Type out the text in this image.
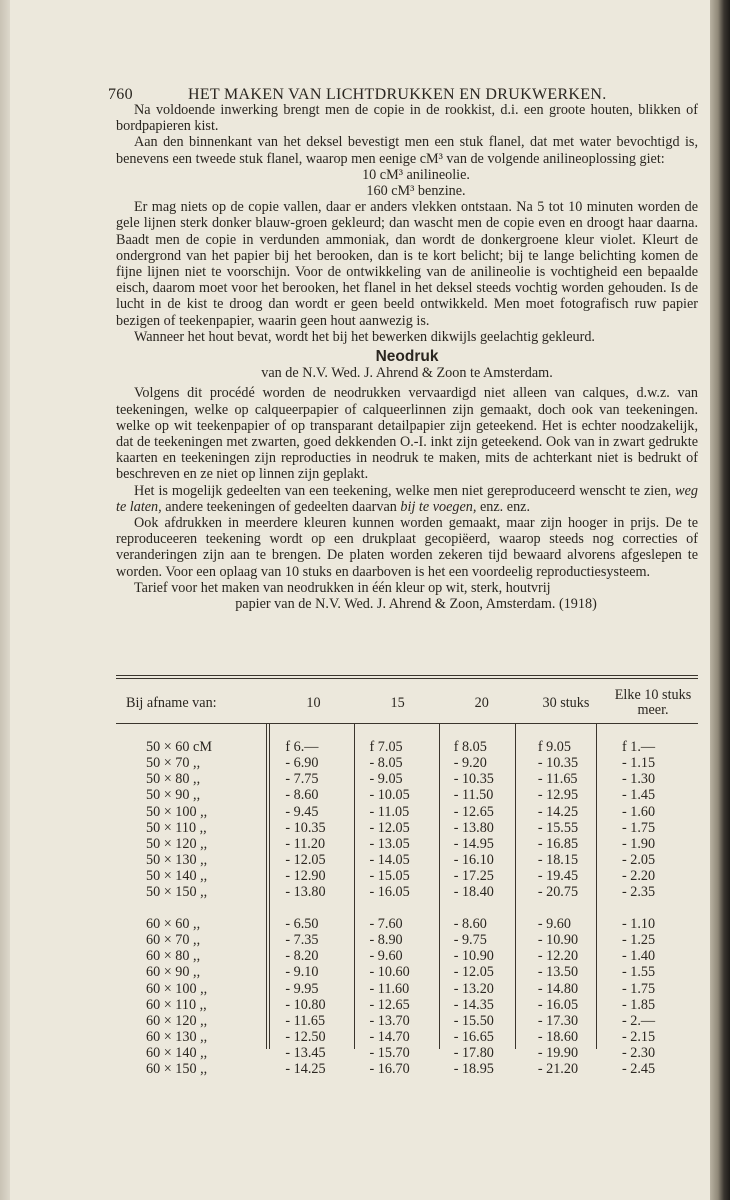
760	HET MAKEN VAN LICHTDRUKKEN EN DRUKWERKEN.

Na voldoende inwerking brengt men de copie in de rookkist, d.i. een groote houten, blikken of bordpapieren kist.

Aan den binnenkant van het deksel bevestigt men een stuk flanel, dat met water bevochtigd is, benevens een tweede stuk flanel, waarop men eenige cM³ van de volgende anilineoplossing giet:

10 cM³ anilineolie.

160 cM³ benzine.

Er mag niets op de copie vallen, daar er anders vlekken ontstaan. Na 5 tot 10 minuten worden de gele lijnen sterk donker blauw-groen gekleurd; dan wascht men de copie even en droogt haar daarna. Baadt men de copie in verdunden ammoniak, dan wordt de donkergroene kleur violet. Kleurt de ondergrond van het papier bij het berooken, dan is te kort belicht; bij te lange belichting komen de fijne lijnen niet te voorschijn. Voor de ontwikkeling van de anilineolie is vochtigheid een bepaalde eisch, daarom moet voor het berooken, het flanel in het deksel steeds vochtig worden gehouden. Is de lucht in de kist te droog dan wordt er geen beeld ontwikkeld. Men moet fotografisch ruw papier bezigen of teekenpapier, waarin geen hout aanwezig is.

Wanneer het hout bevat, wordt het bij het bewerken dikwijls geelachtig gekleurd.

Neodruk
van de N.V. Wed. J. Ahrend & Zoon te Amsterdam.

Volgens dit procédé worden de neodrukken vervaardigd niet alleen van calques, d.w.z. van teekeningen, welke op calqueerpapier of calqueerlinnen zijn gemaakt, doch ook van teekeningen. welke op wit teekenpapier of op transparant detailpapier zijn geteekend. Het is echter noodzakelijk, dat de teekeningen met zwarten, goed dekkenden O.-I. inkt zijn geteekend. Ook van in zwart gedrukte kaarten en teekeningen zijn reproducties in neodruk te maken, mits de achterkant niet is bedrukt of beschreven en ze niet op linnen zijn geplakt.

Het is mogelijk gedeelten van een teekening, welke men niet gereproduceerd wenscht te zien, weg te laten, andere teekeningen of gedeelten daarvan bij te voegen, enz. enz.

Ook afdrukken in meerdere kleuren kunnen worden gemaakt, maar zijn hooger in prijs. De te reproduceeren teekening wordt op een drukplaat gecopiëerd, waarop steeds nog correcties of veranderingen zijn aan te brengen. De platen worden zekeren tijd bewaard alvorens afgeslepen te worden. Voor een oplaag van 10 stuks en daarboven is het een voordeelig reproductiesysteem.

Tarief voor het maken van neodrukken in één kleur op wit, sterk, houtvrij

papier van de N.V. Wed. J. Ahrend & Zoon, Amsterdam. (1918)

Bij afname van:	10	15	20	30 stuks	Elke 10 stuks meer.

50 × 60 cM	f 6.—	f 7.05	f 8.05	f 9.05	f 1.—
50 × 70 ,,	- 6.90	- 8.05	- 9.20	- 10.35	- 1.15
50 × 80 ,,	- 7.75	- 9.05	- 10.35	- 11.65	- 1.30
50 × 90 ,,	- 8.60	- 10.05	- 11.50	- 12.95	- 1.45
50 × 100 ,,	- 9.45	- 11.05	- 12.65	- 14.25	- 1.60
50 × 110 ,,	- 10.35	- 12.05	- 13.80	- 15.55	- 1.75
50 × 120 ,,	- 11.20	- 13.05	- 14.95	- 16.85	- 1.90
50 × 130 ,,	- 12.05	- 14.05	- 16.10	- 18.15	- 2.05
50 × 140 ,,	- 12.90	- 15.05	- 17.25	- 19.45	- 2.20
50 × 150 ,,	- 13.80	- 16.05	- 18.40	- 20.75	- 2.35

60 × 60 ,,	- 6.50	- 7.60	- 8.60	- 9.60	- 1.10
60 × 70 ,,	- 7.35	- 8.90	- 9.75	- 10.90	- 1.25
60 × 80 ,,	- 8.20	- 9.60	- 10.90	- 12.20	- 1.40
60 × 90 ,,	- 9.10	- 10.60	- 12.05	- 13.50	- 1.55
60 × 100 ,,	- 9.95	- 11.60	- 13.20	- 14.80	- 1.75
60 × 110 ,,	- 10.80	- 12.65	- 14.35	- 16.05	- 1.85
60 × 120 ,,	- 11.65	- 13.70	- 15.50	- 17.30	- 2.—
60 × 130 ,,	- 12.50	- 14.70	- 16.65	- 18.60	- 2.15
60 × 140 ,,	- 13.45	- 15.70	- 17.80	- 19.90	- 2.30
60 × 150 ,,	- 14.25	- 16.70	- 18.95	- 21.20	- 2.45
